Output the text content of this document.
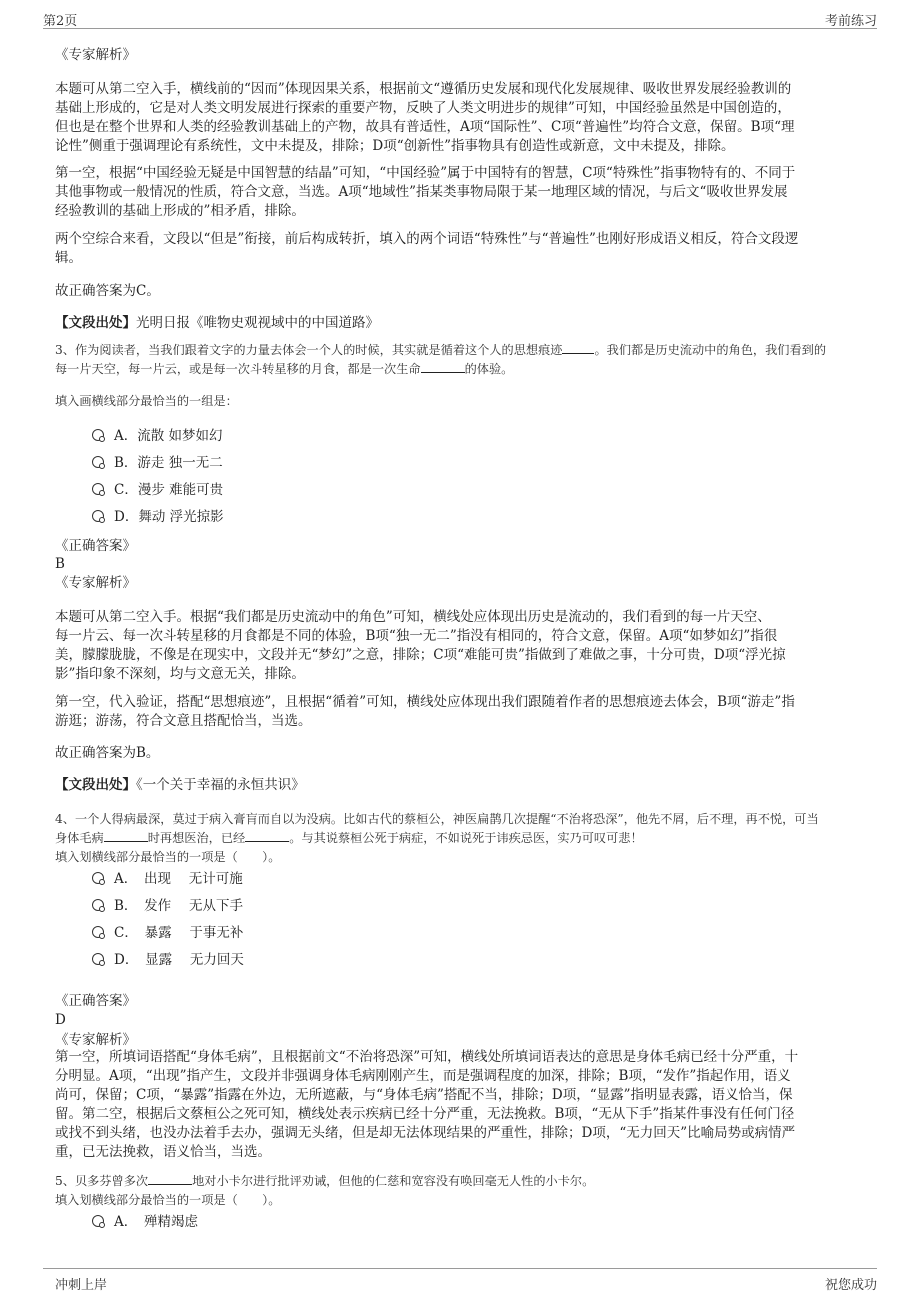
第2页	考前练习
《专家解析》
本题可从第二空入手，横线前的“因而”体现因果关系，根据前文“遵循历史发展和现代化发展规律、吸收世界发展经验教训的
基础上形成的，它是对人类文明发展进行探索的重要产物，反映了人类文明进步的规律”可知，中国经验虽然是中国创造的，
但也是在整个世界和人类的经验教训基础上的产物，故具有普适性，A项“国际性”、C项“普遍性”均符合文意，保留。B项“理
论性”侧重于强调理论有系统性，文中未提及，排除；D项“创新性”指事物具有创造性或新意，文中未提及，排除。
第一空，根据“中国经验无疑是中国智慧的结晶”可知，“中国经验”属于中国特有的智慧，C项“特殊性”指事物特有的、不同于
其他事物或一般情况的性质，符合文意，当选。A项“地域性”指某类事物局限于某一地理区域的情况，与后文“吸收世界发展
经验教训的基础上形成的”相矛盾，排除。
两个空综合来看，文段以“但是”衔接，前后构成转折，填入的两个词语“特殊性”与“普遍性”也刚好形成语义相反，符合文段逻
辑。
故正确答案为C。
【文段出处】光明日报《唯物史观视域中的中国道路》
3、作为阅读者，当我们跟着文字的力量去体会一个人的时候，其实就是循着这个人的思想痕迹	。我们都是历史流动中的角色，我们看到的
每一片天空，每一片云，或是每一次斗转星移的月食，都是一次生命	的体验。
填入画横线部分最恰当的一组是：
A．流散 如梦如幻
B．游走 独一无二
C．漫步 难能可贵
D．舞动 浮光掠影
《正确答案》
B
《专家解析》
本题可从第二空入手。根据“我们都是历史流动中的角色”可知，横线处应体现出历史是流动的，我们看到的每一片天空、
每一片云、每一次斗转星移的月食都是不同的体验，B项“独一无二”指没有相同的，符合文意，保留。A项“如梦如幻”指很
美，朦朦胧胧，不像是在现实中，文段并无“梦幻”之意，排除；C项“难能可贵”指做到了难做之事，十分可贵，D项“浮光掠
影”指印象不深刻，均与文意无关，排除。
第一空，代入验证，搭配“思想痕迹”，且根据“循着”可知，横线处应体现出我们跟随着作者的思想痕迹去体会，B项“游走”指
游逛；游荡，符合文意且搭配恰当，当选。
故正确答案为B。
【文段出处】《一个关于幸福的永恒共识》
4、一个人得病最深，莫过于病入膏肓而自以为没病。比如古代的蔡桓公，神医扁鹊几次提醒“不治将恐深”，他先不屑，后不理，再不悦，可当
身体毛病	时再想医治，已经	。与其说蔡桓公死于病症，不如说死于讳疾忌医，实乃可叹可悲！
填入划横线部分最恰当的一项是（　　）。
A．　出现　 无计可施
B．　发作　 无从下手
C．　暴露　 于事无补
D．　显露　 无力回天
《正确答案》
D
《专家解析》
第一空，所填词语搭配“身体毛病”，且根据前文“不治将恐深”可知，横线处所填词语表达的意思是身体毛病已经十分严重，十
分明显。A项，“出现”指产生，文段并非强调身体毛病刚刚产生，而是强调程度的加深，排除；B项，“发作”指起作用，语义
尚可，保留；C项，“暴露”指露在外边，无所遮蔽，与“身体毛病”搭配不当，排除；D项，“显露”指明显表露，语义恰当，保
留。第二空，根据后文蔡桓公之死可知，横线处表示疾病已经十分严重，无法挽救。B项，“无从下手”指某件事没有任何门径
或找不到头绪，也没办法着手去办，强调无头绪，但是却无法体现结果的严重性，排除；D项，“无力回天”比喻局势或病情严
重，已无法挽救，语义恰当，当选。
5、贝多芬曾多次	地对小卡尔进行批评劝诫，但他的仁慈和宽容没有唤回毫无人性的小卡尔。
填入划横线部分最恰当的一项是（　　）。
A．　殚精竭虑
冲刺上岸	祝您成功
